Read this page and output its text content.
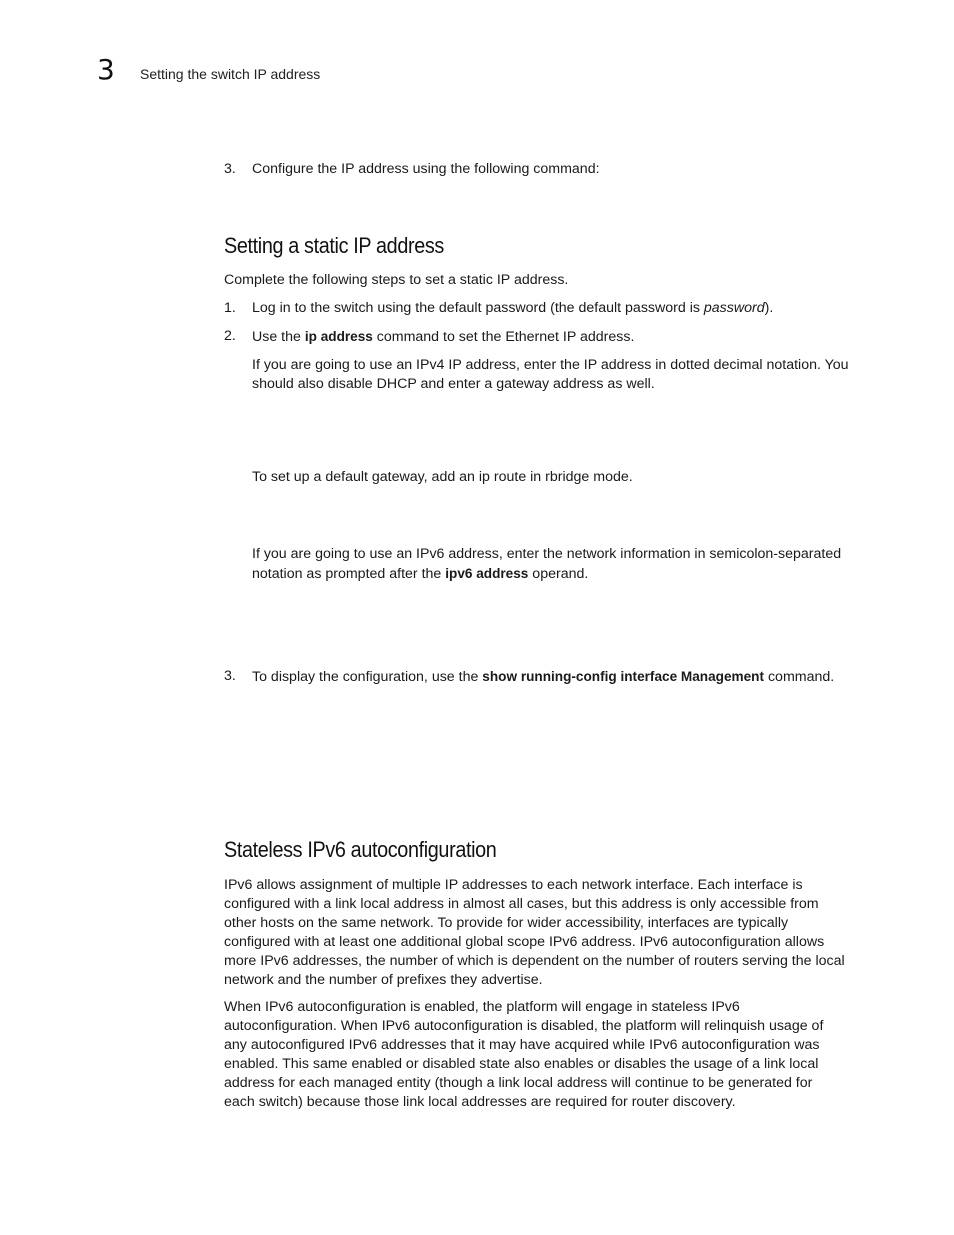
3 Setting the switch IP address
3.	Configure the IP address using the following command:
Setting a static IP address
Complete the following steps to set a static IP address.
1.	Log in to the switch using the default password (the default password is password).
2.	Use the ip address command to set the Ethernet IP address.
If you are going to use an IPv4 IP address, enter the IP address in dotted decimal notation. You
should also disable DHCP and enter a gateway address as well.
To set up a default gateway, add an ip route in rbridge mode.
If you are going to use an IPv6 address, enter the network information in semicolon-separated
notation as prompted after the ipv6 address operand.
3.	To display the configuration, use the show running-config interface Management command.
Stateless IPv6 autoconfiguration
IPv6 allows assignment of multiple IP addresses to each network interface. Each interface is
configured with a link local address in almost all cases, but this address is only accessible from
other hosts on the same network. To provide for wider accessibility, interfaces are typically
configured with at least one additional global scope IPv6 address. IPv6 autoconfiguration allows
more IPv6 addresses, the number of which is dependent on the number of routers serving the local
network and the number of prefixes they advertise.
When IPv6 autoconfiguration is enabled, the platform will engage in stateless IPv6
autoconfiguration. When IPv6 autoconfiguration is disabled, the platform will relinquish usage of
any autoconfigured IPv6 addresses that it may have acquired while IPv6 autoconfiguration was
enabled. This same enabled or disabled state also enables or disables the usage of a link local
address for each managed entity (though a link local address will continue to be generated for
each switch) because those link local addresses are required for router discovery.
